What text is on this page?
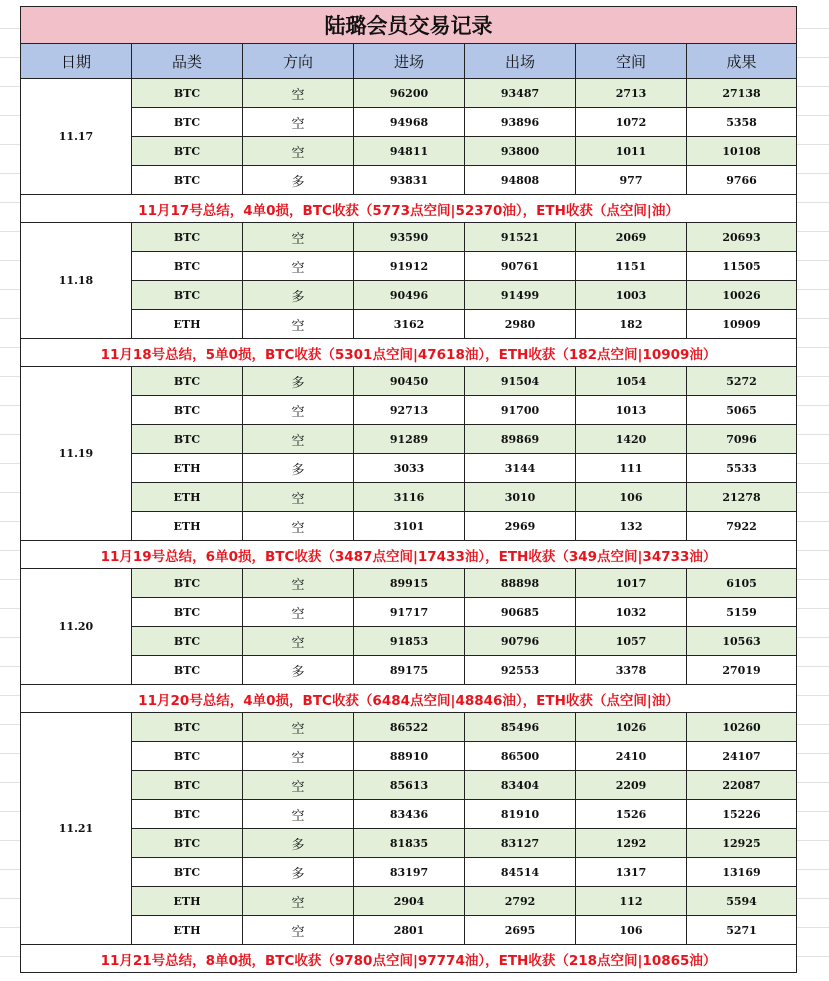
陆璐会员交易记录						
日期	品类	方向	进场	出场	空间	成果
11.17	BTC	空	96200	93487	2713	27138
	BTC	空	94968	93896	1072	5358
	BTC	空	94811	93800	1011	10108
	BTC	多	93831	94808	977	9766
11月17号总结，4单0损，BTC收获（5773点空间|52370油），ETH收获（点空间|油）						
11.18	BTC	空	93590	91521	2069	20693
	BTC	空	91912	90761	1151	11505
	BTC	多	90496	91499	1003	10026
	ETH	空	3162	2980	182	10909
11月18号总结，5单0损，BTC收获（5301点空间|47618油），ETH收获（182点空间|10909油）						
11.19	BTC	多	90450	91504	1054	5272
	BTC	空	92713	91700	1013	5065
	BTC	空	91289	89869	1420	7096
	ETH	多	3033	3144	111	5533
	ETH	空	3116	3010	106	21278
	ETH	空	3101	2969	132	7922
11月19号总结，6单0损，BTC收获（3487点空间|17433油），ETH收获（349点空间|34733油）						
11.20	BTC	空	89915	88898	1017	6105
	BTC	空	91717	90685	1032	5159
	BTC	空	91853	90796	1057	10563
	BTC	多	89175	92553	3378	27019
11月20号总结，4单0损，BTC收获（6484点空间|48846油），ETH收获（点空间|油）						
11.21	BTC	空	86522	85496	1026	10260
	BTC	空	88910	86500	2410	24107
	BTC	空	85613	83404	2209	22087
	BTC	空	83436	81910	1526	15226
	BTC	多	81835	83127	1292	12925
	BTC	多	83197	84514	1317	13169
	ETH	空	2904	2792	112	5594
	ETH	空	2801	2695	106	5271
11月21号总结，8单0损，BTC收获（9780点空间|97774油），ETH收获（218点空间|10865油）						
